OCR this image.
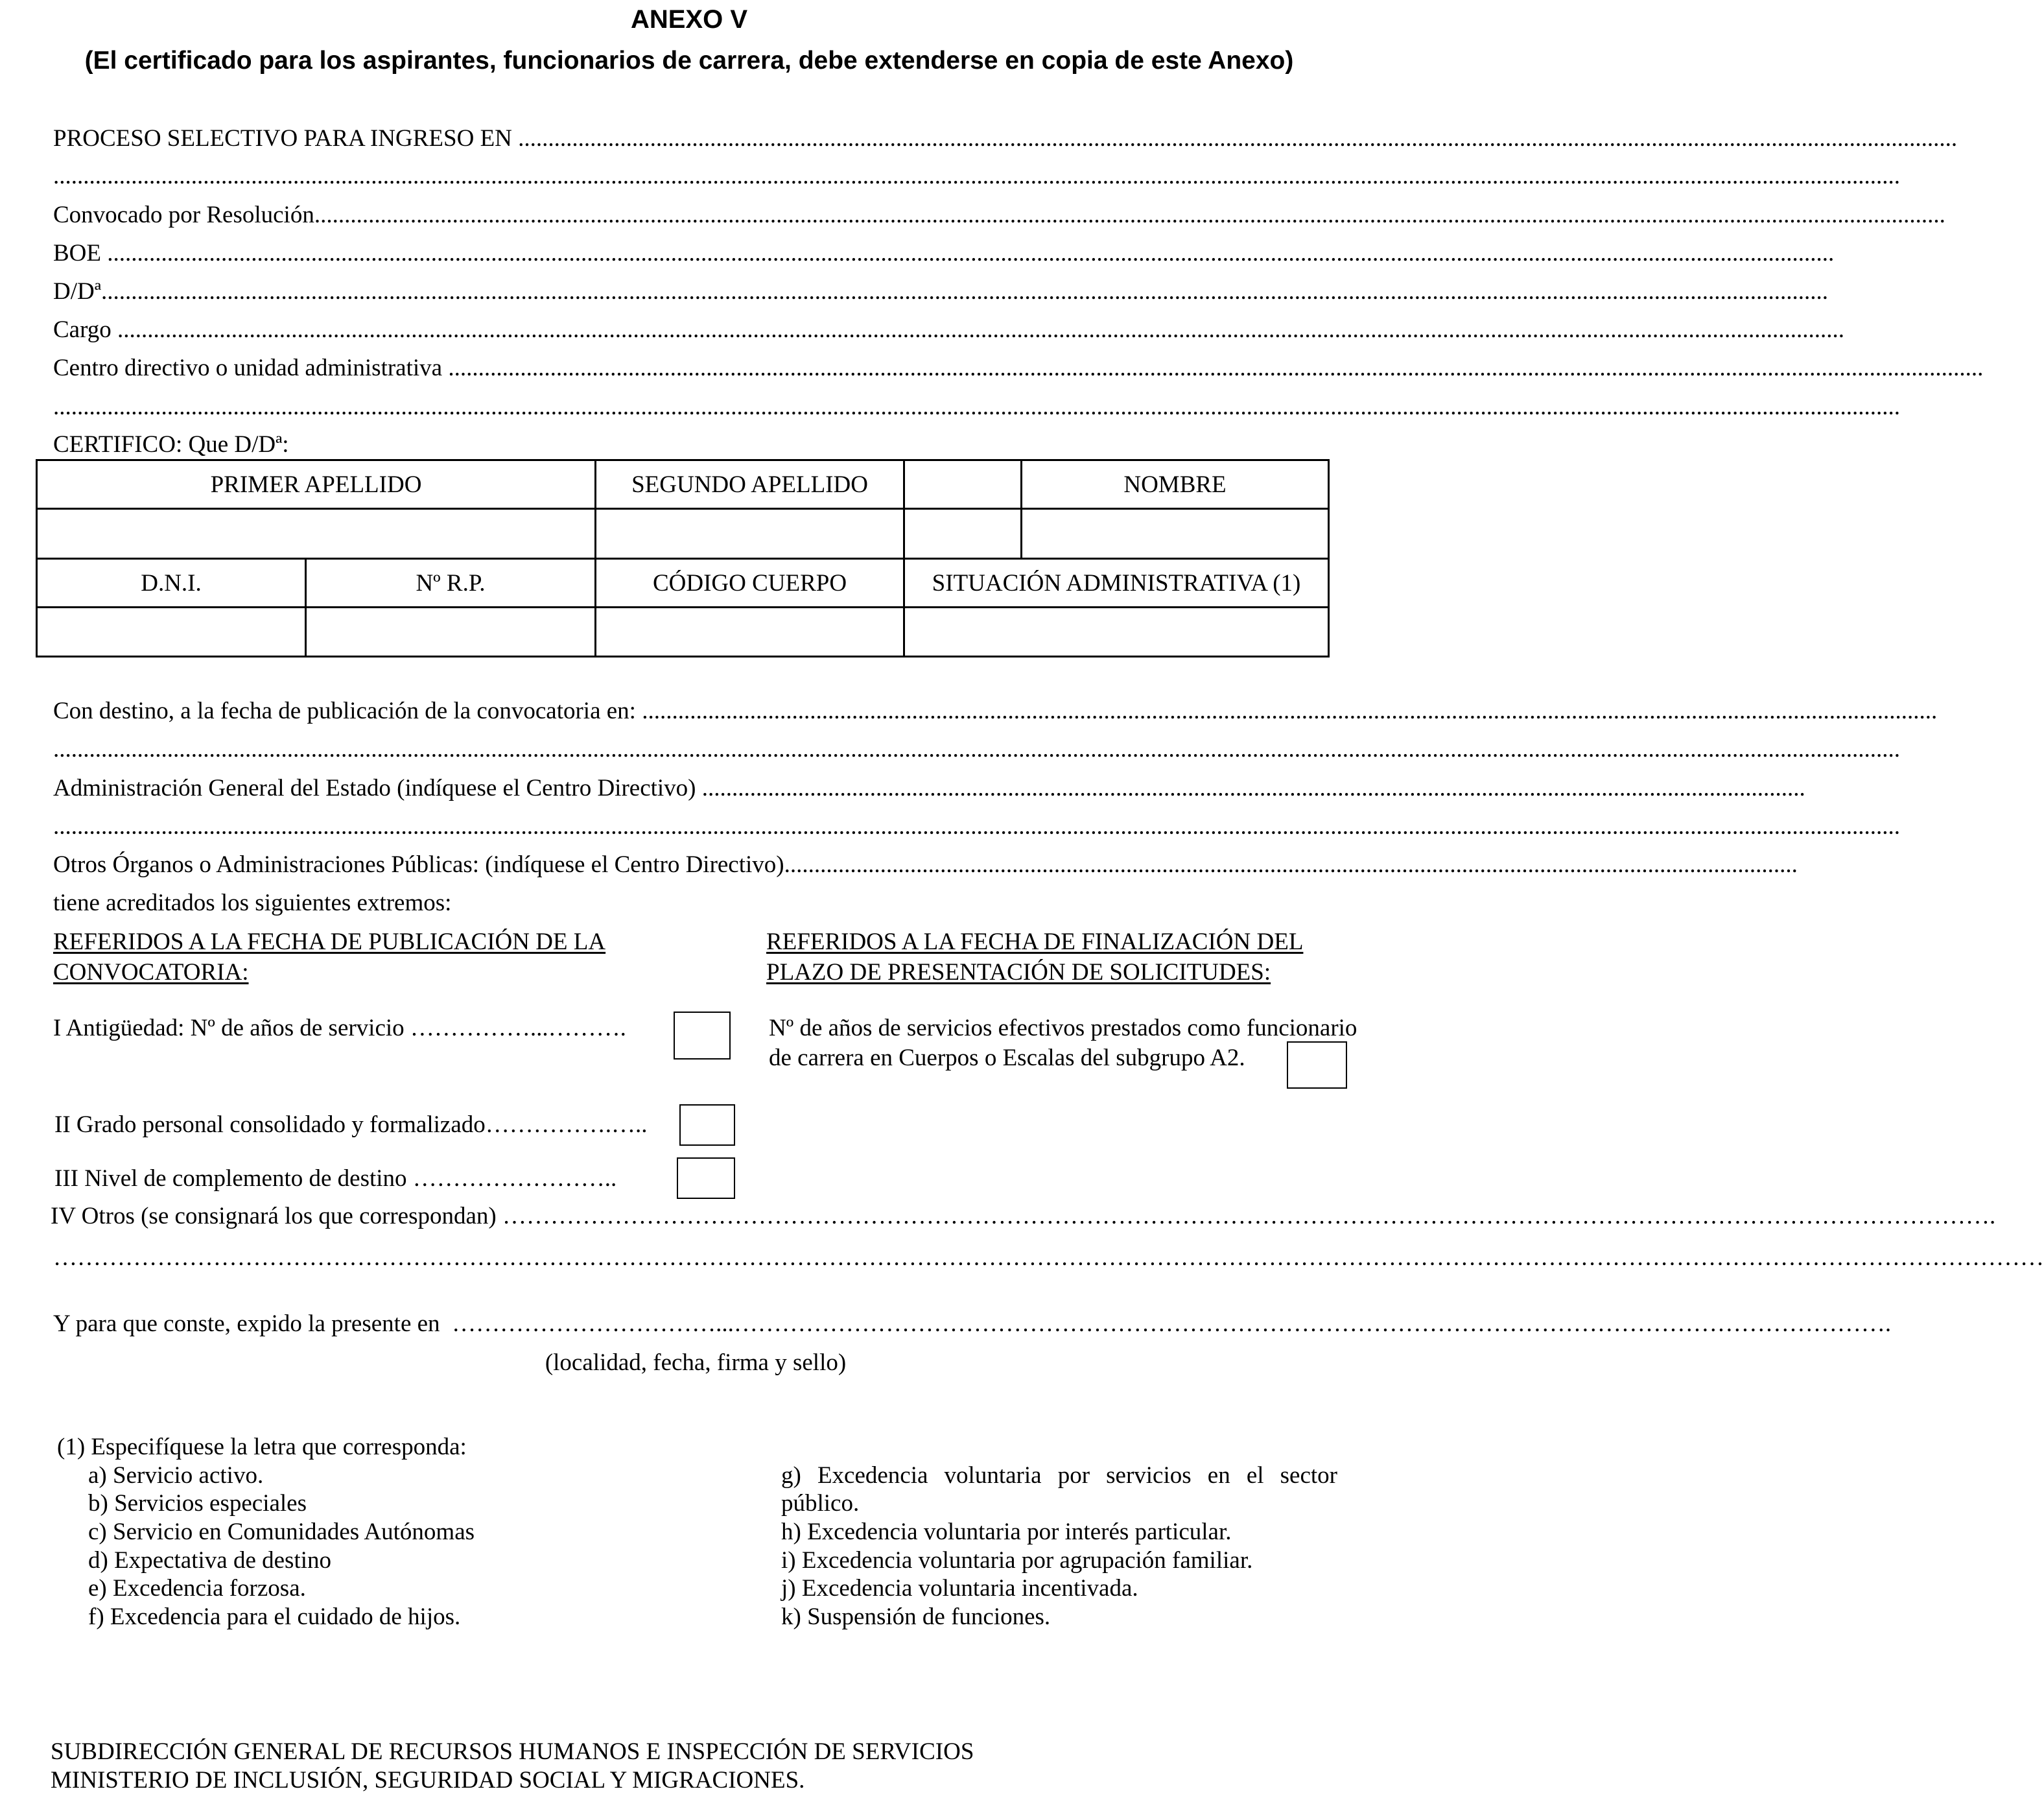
ANEXO V
(El certificado para los aspirantes, funcionarios de carrera, debe extenderse en copia de este Anexo)
PROCESO SELECTIVO PARA INGRESO EN ................................................................................................................................................................................................................................................
....................................................................................................................................................................................................................................................................................................................
Convocado por Resolución ................................................................................................................................................................................................................................................................................
BOE ................................................................................................................................................................................................................................................................................................
D/Dª ................................................................................................................................................................................................................................................................................................
Cargo ................................................................................................................................................................................................................................................................................................
Centro directivo o unidad administrativa ................................................................................................................................................................................................................................................................
....................................................................................................................................................................................................................................................................................................................
CERTIFICO: Que D/Dª:
PRIMER APELLIDO		SEGUNDO APELLIDO	NOMBRE

D.N.I.	Nº R.P.	CÓDIGO CUERPO	SITUACIÓN ADMINISTRATIVA (1)

Con destino, a la fecha de publicación de la convocatoria en: ........................................................................................................................................................................................................................
....................................................................................................................................................................................................................................................................................................................
Administración General del Estado (indíquese el Centro Directivo) ........................................................................................................................................................................................
....................................................................................................................................................................................................................................................................................................................
Otros Órganos o Administraciones Públicas: (indíquese el Centro Directivo) ........................................................................................................................................................................ .
tiene acreditados los siguientes extremos:
REFERIDOS A LA FECHA DE PUBLICACIÓN DE LA
CONVOCATORIA:
REFERIDOS A LA FECHA DE FINALIZACIÓN DEL
PLAZO DE PRESENTACIÓN DE SOLICITUDES:
I Antigüedad: Nº de años de servicio ……………...……….	Nº de años de servicios efectivos prestados como funcionario
de carrera en Cuerpos o Escalas del subgrupo A2.
II Grado personal consolidado y formalizado…………….…..
III Nivel de complemento de destino ……………………..
IV Otros (se consignará los que correspondan) …………………………………………………………………………………………………………………………………………………………………… .
……………………………………………………………………………………………………………………………………………………………………………………………………………………………
Y para que conste, expido la presente en ……………………………...……………………………………………………………………………………………………………………………… .
(localidad, fecha, firma y sello)
(1) Especifíquese la letra que corresponda:
a) Servicio activo.
b) Servicios especiales
c) Servicio en Comunidades Autónomas
d) Expectativa de destino
e) Excedencia forzosa.
f) Excedencia para el cuidado de hijos.
g) Excedencia voluntaria por servicios en el sector
público.
h) Excedencia voluntaria por interés particular.
i) Excedencia voluntaria por agrupación familiar.
j) Excedencia voluntaria incentivada.
k) Suspensión de funciones.
SUBDIRECCIÓN GENERAL DE RECURSOS HUMANOS E INSPECCIÓN DE SERVICIOS
MINISTERIO DE INCLUSIÓN, SEGURIDAD SOCIAL Y MIGRACIONES.
